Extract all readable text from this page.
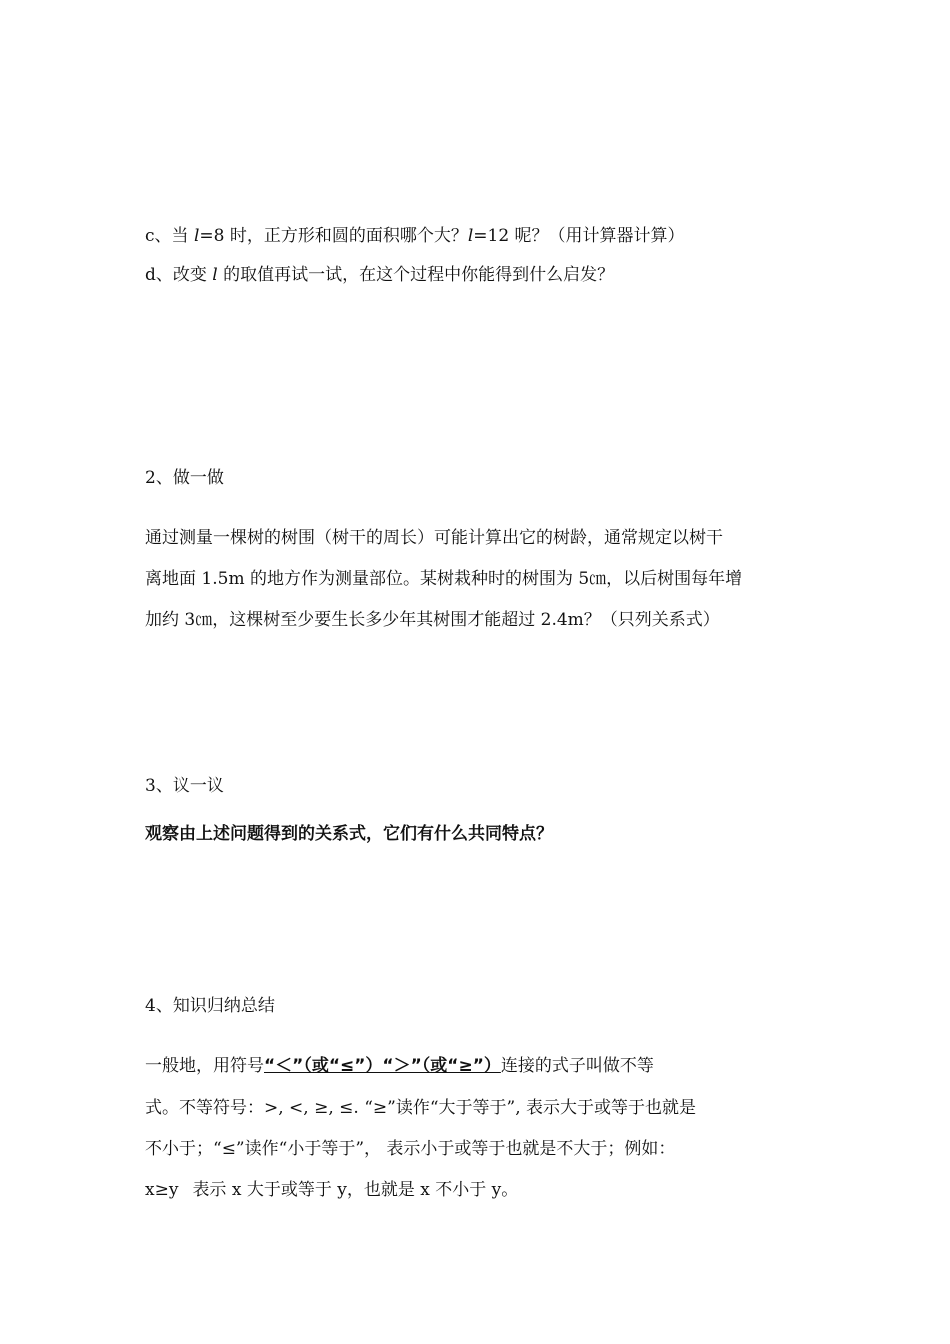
c、当 l=8 时，正方形和圆的面积哪个大？l=12 呢？（用计算器计算）
d、改变 l 的取值再试一试，在这个过程中你能得到什么启发？
2、做一做
通过测量一棵树的树围（树干的周长）可能计算出它的树龄，通常规定以树干
离地面 1.5m 的地方作为测量部位。某树栽种时的树围为 5㎝，以后树围每年增
加约 3㎝，这棵树至少要生长多少年其树围才能超过 2.4m？（只列关系式）
3、议一议
观察由上述问题得到的关系式，它们有什么共同特点？
4、知识归纳总结
一般地，用符号“＜”（或“≤”）“＞”（或“≥”）连接的式子叫做不等
式。不等符号：>, <, ≥, ≤. “≥”读作“大于等于”, 表示大于或等于也就是
不小于；“≤”读作“小于等于”， 表示小于或等于也就是不大于；例如：
x≥y 表示 x 大于或等于 y，也就是 x 不小于 y。
